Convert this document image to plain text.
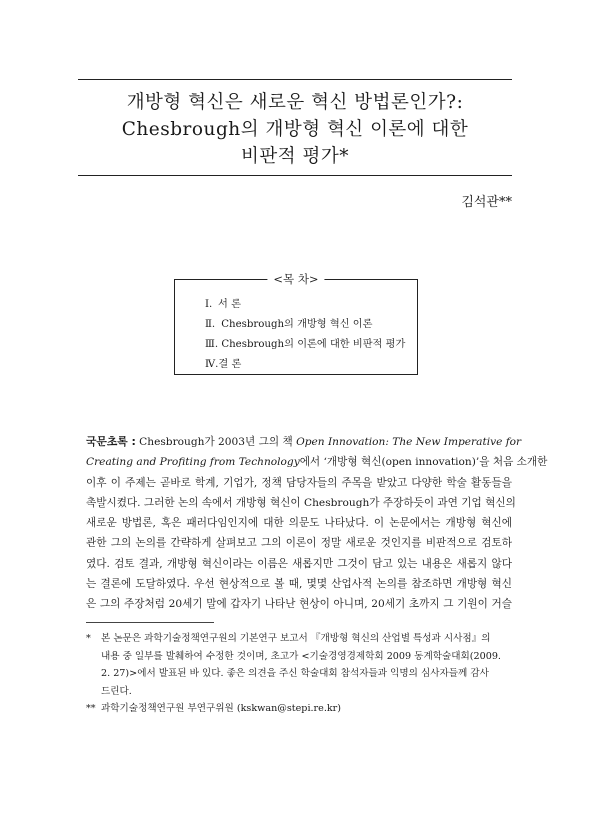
개방형 혁신은 새로운 혁신 방법론인가?:
Chesbrough의 개방형 혁신 이론에 대한
비판적 평가*
김석관**
<목 차>
Ⅰ. 서 론
Ⅱ. Chesbrough의 개방형 혁신 이론
Ⅲ. Chesbrough의 이론에 대한 비판적 평가
Ⅳ.결 론
국문초록 : Chesbrough가 2003년 그의 책 Open Innovation: The New Imperative for
Creating and Profiting from Technology에서 ‘개방형 혁신(open innovation)’을 처음 소개한
이후 이 주제는 곧바로 학계, 기업가, 정책 담당자들의 주목을 받았고 다양한 학술 활동들을
촉발시켰다. 그러한 논의 속에서 개방형 혁신이 Chesbrough가 주장하듯이 과연 기업 혁신의
새로운 방법론, 혹은 패러다임인지에 대한 의문도 나타났다. 이 논문에서는 개방형 혁신에
관한 그의 논의를 간략하게 살펴보고 그의 이론이 정말 새로운 것인지를 비판적으로 검토하
였다. 검토 결과, 개방형 혁신이라는 이름은 새롭지만 그것이 담고 있는 내용은 새롭지 않다
는 결론에 도달하였다. 우선 현상적으로 볼 때, 몇몇 산업사적 논의를 참조하면 개방형 혁신
은 그의 주장처럼 20세기 말에 갑자기 나타난 현상이 아니며, 20세기 초까지 그 기원이 거슬

* 본 논문은 과학기술정책연구원의 기본연구 보고서 『개방형 혁신의 산업별 특성과 시사점』의

내용 중 일부를 발췌하여 수정한 것이며, 초고가 <기술경영경제학회 2009 동계학술대회(2009.

2. 27)>에서 발표된 바 있다. 좋은 의견을 주신 학술대회 참석자들과 익명의 심사자들께 감사

드린다.

** 과학기술정책연구원 부연구위원 (kskwan@stepi.re.kr)
